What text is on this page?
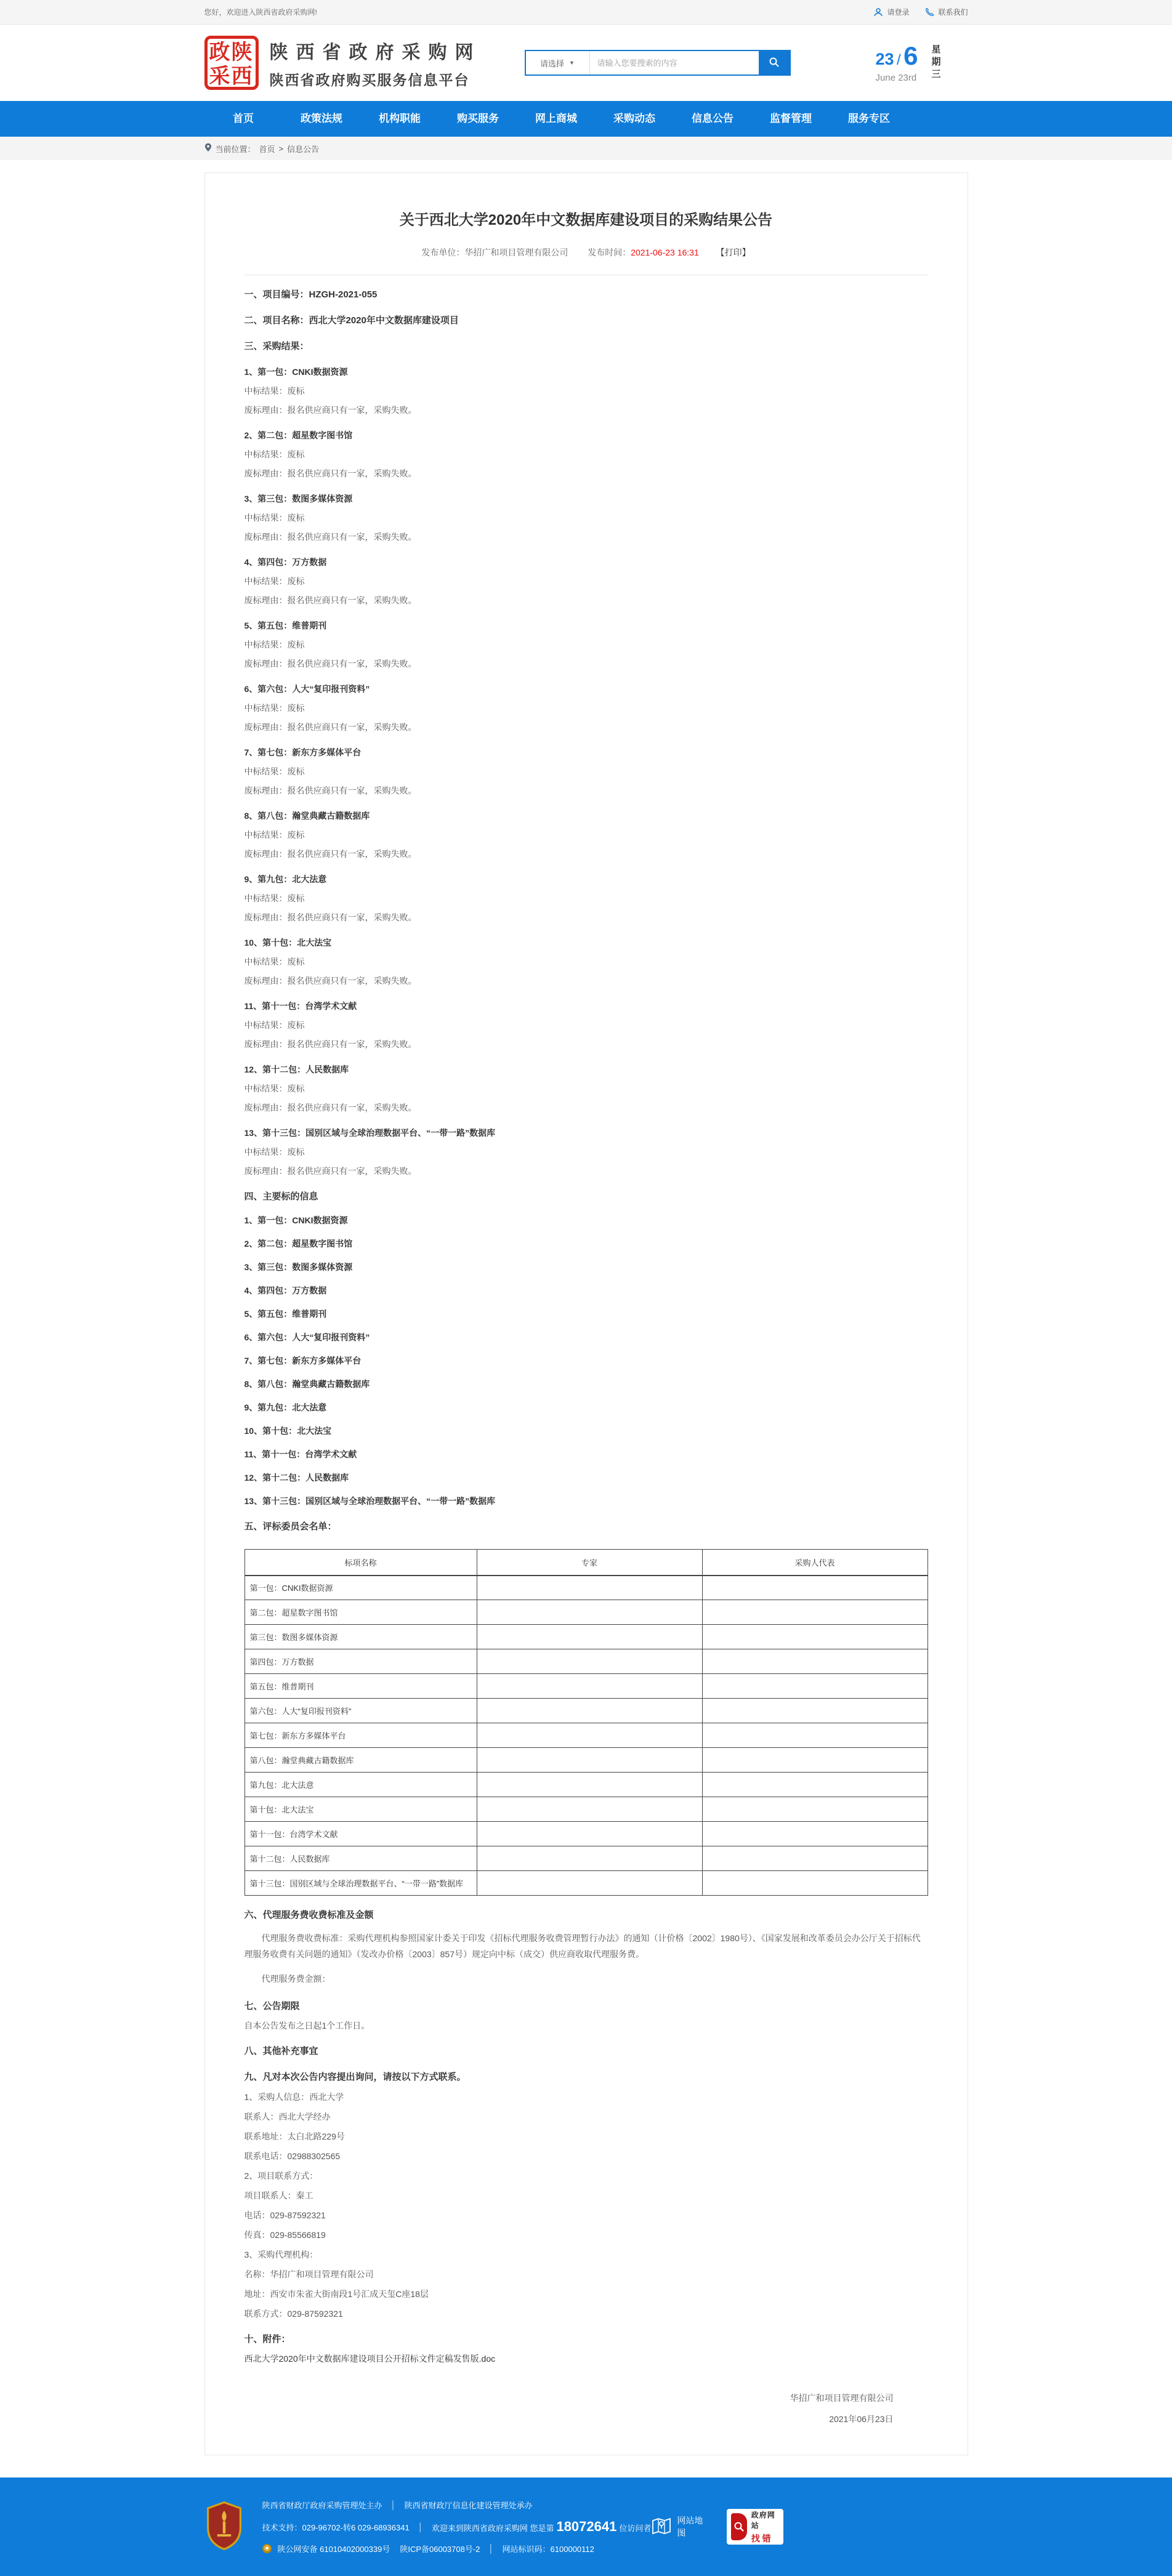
您好，欢迎进入陕西省政府采购网!	请登录	联系我们
政陕
采西
陕西省政府采购网
陕西省政府购买服务信息平台
请选择 ▼
请输入您要搜索的内容	23 / 6
June 23rd 星期三
首页	政策法规	机构职能	购买服务	网上商城	采购动态	信息公告	监督管理	服务专区
当前位置： 首页 > 信息公告
关于西北大学2020年中文数据库建设项目的采购结果公告
发布单位：华招广和项目管理有限公司 发布时间：2021-06-23 16:31 【打印】

一、项目编号：HZGH-2021-055

二、项目名称：西北大学2020年中文数据库建设项目

三、采购结果：

1、第一包：CNKI数据资源

中标结果：废标

废标理由：报名供应商只有一家，采购失败。

2、第二包：超星数字图书馆

中标结果：废标

废标理由：报名供应商只有一家，采购失败。

3、第三包：数图多媒体资源

中标结果：废标

废标理由：报名供应商只有一家，采购失败。

4、第四包：万方数据

中标结果：废标

废标理由：报名供应商只有一家，采购失败。

5、第五包：维普期刊

中标结果：废标

废标理由：报名供应商只有一家，采购失败。

6、第六包：人大“复印报刊资料”

中标结果：废标

废标理由：报名供应商只有一家，采购失败。

7、第七包：新东方多媒体平台

中标结果：废标

废标理由：报名供应商只有一家，采购失败。

8、第八包：瀚堂典藏古籍数据库

中标结果：废标

废标理由：报名供应商只有一家，采购失败。

9、第九包：北大法意

中标结果：废标

废标理由：报名供应商只有一家，采购失败。

10、第十包：北大法宝

中标结果：废标

废标理由：报名供应商只有一家，采购失败。

11、第十一包：台湾学术文献

中标结果：废标

废标理由：报名供应商只有一家，采购失败。

12、第十二包：人民数据库

中标结果：废标

废标理由：报名供应商只有一家，采购失败。

13、第十三包：国别区域与全球治理数据平台、“一带一路”数据库

中标结果：废标

废标理由：报名供应商只有一家，采购失败。

四、主要标的信息

1、第一包：CNKI数据资源

2、第二包：超星数字图书馆

3、第三包：数图多媒体资源

4、第四包：万方数据

5、第五包：维普期刊

6、第六包：人大“复印报刊资料”

7、第七包：新东方多媒体平台

8、第八包：瀚堂典藏古籍数据库

9、第九包：北大法意

10、第十包：北大法宝

11、第十一包：台湾学术文献

12、第十二包：人民数据库

13、第十三包：国别区域与全球治理数据平台、“一带一路”数据库

五、评标委员会名单：

标项名称	专家	采购人代表
第一包：CNKI数据资源		
第二包：超星数字图书馆		
第三包：数图多媒体资源		
第四包：万方数据		
第五包：维普期刊		
第六包：人大“复印报刊资料”		
第七包：新东方多媒体平台		
第八包：瀚堂典藏古籍数据库		
第九包：北大法意		
第十包：北大法宝		
第十一包：台湾学术文献		
第十二包：人民数据库		
第十三包：国别区域与全球治理数据平台、“一带一路”数据库		

六、代理服务费收费标准及金额

代理服务费收费标准：采购代理机构参照国家计委关于印发《招标代理服务收费管理暂行办法》的通知（计价格〔2002〕1980号）、《国家发展和改革委员会办公厅关于招标代理服务收费有关问题的通知》（发改办价格〔2003〕857号）规定向中标（成交）供应商收取代理服务费。

代理服务费金额：

七、公告期限

自本公告发布之日起1个工作日。

八、其他补充事宜

九、凡对本次公告内容提出询问，请按以下方式联系。

1、采购人信息：西北大学

联系人：西北大学经办

联系地址：太白北路229号

联系电话：02988302565

2、项目联系方式：

项目联系人：秦工

电话：029-87592321

传真：029-85566819

3、采购代理机构：

名称：华招广和项目管理有限公司

地址：西安市朱雀大街南段1号汇成天玺C座18层

联系方式：029-87592321

十、附件：

西北大学2020年中文数据库建设项目公开招标文件定稿发售版.doc

华招广和项目管理有限公司

2021年06月23日

陕西省财政厅政府采购管理处主办	│	陕西省财政厅信息化建设管理处承办
技术支持：029-96702-转6 029-68936341	│	欢迎来到陕西省政府采购网 您是第 18072641 位访问者
陕公网安备 61010402000339号 陕ICP备06003708号-2	│	网站标识码：6100000112
网站地图
政府网站
找错
